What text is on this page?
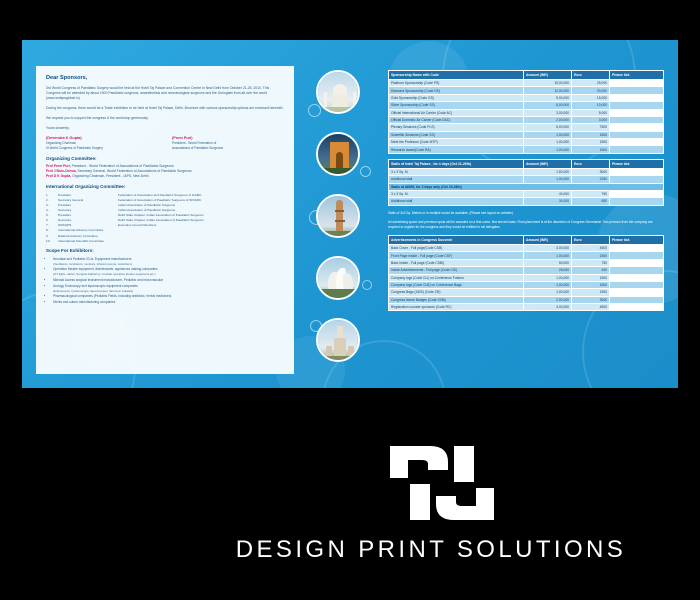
Dear Sponsors,

3rd World Congress of Paediatric Surgery would be held at the Hotel Taj Palace and Convention Centre in New Delhi from October 21-26, 2010. This Congress will be attended by about 1500 Paediatric surgeons, anaesthetists and neonatologists surgeons and the Urologists from all over the world (www.wofapsglobal.in)

During the congress, there would be a Trade exhibition to be held at Hotel Taj Palace, Delhi. Brochure with various sponsorship options are enclosed herewith.

We request you to support the congress & the workshop generously.

Yours sincerely,

(Devendra K Gupta)
Organizing Chairman
III World Congress of Paediatric Surgery
(Prem Puri)
President - World Federation of
Associations of Paediatric Surgeons
Organizing Committee:
Prof Prem Puri, President - World Federation of Associations of Paediatric Surgeons
Prof J Bois-Ochoa, Secretary General, World Federation of Associations of Paediatric Surgeons
Prof D K Gupta, Organizing Chairman, President - IAPS, New Delhi
International Organizing Committee:
1.	President	Federation of Association and Paediatric Surgeons of IAAMC
2.	Secretary General	Federation of Association of Paediatric Surgeons of WOAMC
3.	President	Indian Association of Paediatric Surgeons
4.	Secretary	Indian Association of Paediatric Surgeons
5.	President	Delhi State Chapter, Indian Association of Paediatric Surgeons
6.	Secretary	Delhi State Chapter, Indian Association of Paediatric Surgeons
7.	WOFAPS	Executive Council Members
8.	International Advisory Committee	
9.	National Advisory Committee	
10.	International Scientific Committee	
Scope For Exhibitors:
• Neonatal and Pediatric ICUs, Equipment manufacturers
(Ventilators, incubators, monitors, infusion pumps, nebulizers)
• Operation theatre equipment, disinfectants, appliances making companies
(OT lights, tables, Surgical diathermy, modular operation theatre equipment etc.)
• Minimal Access surgical instrument manufacturer, Pediatric and microvascular
• Urology Endoscopy and laparoscopic equipment companies
(Endoscopes, hysteroscope, laparoscopes, harmonic scalpels)
• Pharmacological companies (Pediatric Fields, including antibiotic, herbal medicines)
• Stents and suture manufacturing companies
Sponsorship Name with Code	Amount (INR)	Euro	Please tick
Platinum Sponsorship (Code PS)	15,00,000	25,000	
Diamond Sponsorship (Code DS)	12,00,000	20,000	
Gold Sponsorship (Code GS)	9,00,000	15,000	
Silver Sponsorship (Code SS)	6,00,000	10,000	
Official International Air Carrier (Code AC)	3,00,000	5,000	
Official Domestic Air Carrier (Code DAC)	2,00,000	3,000	
Plenary Sessions (Code PLS)	5,00,000	7500	
Scientific Sessions (Code SS)	1,00,000	1500	
Meet the Professor (Code MTP)	1,00,000	1500	
Research Award(Code RA)	1,00,000	1500	
Stalls of hotel Taj Palace , for 4 days (Oct 21-26th)	Amount (INR)	Euro	Please tick
3 x 3 Sq. M	1,50,000	3000	
Additional stall	1,00,000	2250	
Stalls at AIIMS, for 2 days only (Oct 23-26th)			
3 x 3 Sq. M	40,000	750	
Additional stall	30,000	650	
Stalls of 3x3 Sq. Meters or in multiple would be available. (Please see layout on website)
All advertising space and premium spots will be awarded on a first-come, first served basis. Final placement is at the discretion of Congress Secretariat. Two persons from the company are required to register for the congress and they would be entitled to full delegates.
Advertisements in Congress Souvenir	Amount (INR)	Euro	Please tick
Back Cover - Full page(Code CSB)	3,00,000	4500	
Front Page Inside - Full page (Code CSF)	1,00,000	1500	
Back Inside - Full page (Code CSBI)	50,000	750	
Inside Advertisements - Full page (Code CSI)	25,000	400	
Company logo (Code CLI) on Conference Folders	1,00,000	1500	
Company logo (Code CLB) on Conference Bags	1,00,000	1500	
Congress Bags (1500) (Code CB)	1,00,000	1500	
Congress Name Badges (Code CNB)	2,00,000	3000	
Registration counter sponsors (Code RC)	3,00,000	4500	
DESIGN PRINT SOLUTIONS
